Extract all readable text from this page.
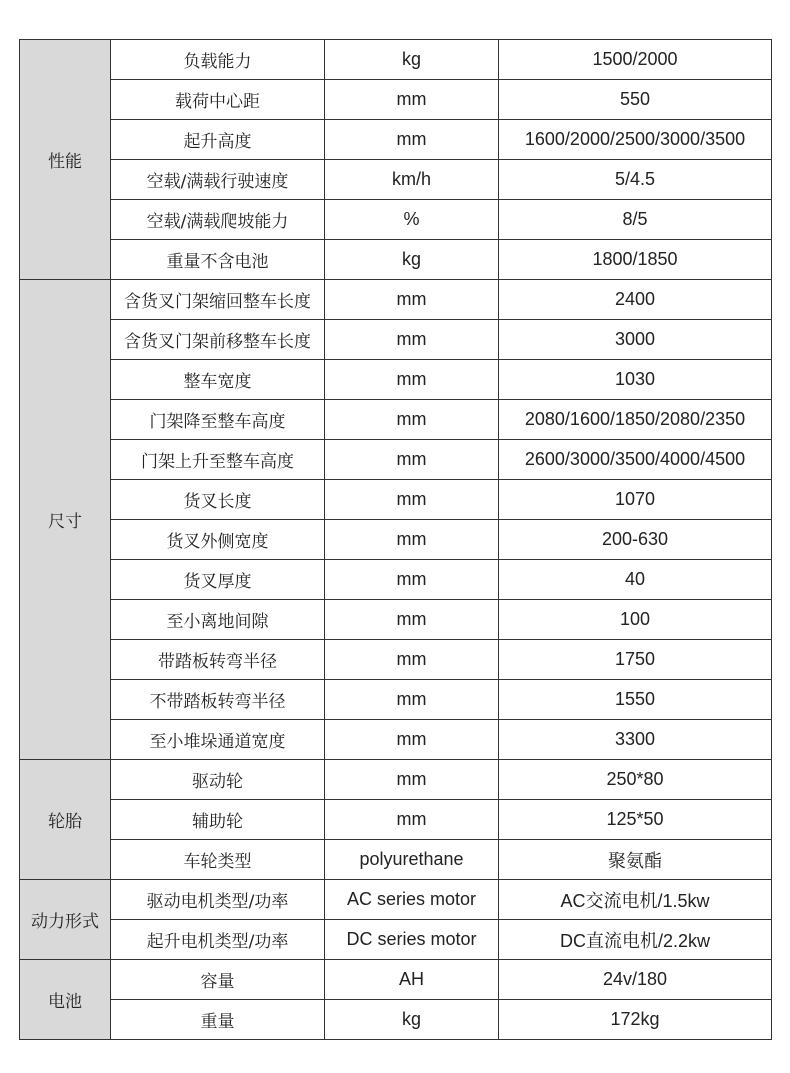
性能	负载能力	kg	1500/2000
	载荷中心距	mm	550
	起升高度	mm	1600/2000/2500/3000/3500
	空载/满载行驶速度	km/h	5/4.5
	空载/满载爬坡能力	%	8/5
	重量不含电池	kg	1800/1850
尺寸	含货叉门架缩回整车长度	mm	2400
	含货叉门架前移整车长度	mm	3000
	整车宽度	mm	1030
	门架降至整车高度	mm	2080/1600/1850/2080/2350
	门架上升至整车高度	mm	2600/3000/3500/4000/4500
	货叉长度	mm	1070
	货叉外侧宽度	mm	200-630
	货叉厚度	mm	40
	至小离地间隙	mm	100
	带踏板转弯半径	mm	1750
	不带踏板转弯半径	mm	1550
	至小堆垛通道宽度	mm	3300
轮胎	驱动轮	mm	250*80
	辅助轮	mm	125*50
	车轮类型	polyurethane	聚氨酯
动力形式	驱动电机类型/功率	AC series motor	AC交流电机/1.5kw
	起升电机类型/功率	DC series motor	DC直流电机/2.2kw
电池	容量	AH	24v/180
	重量	kg	172kg
